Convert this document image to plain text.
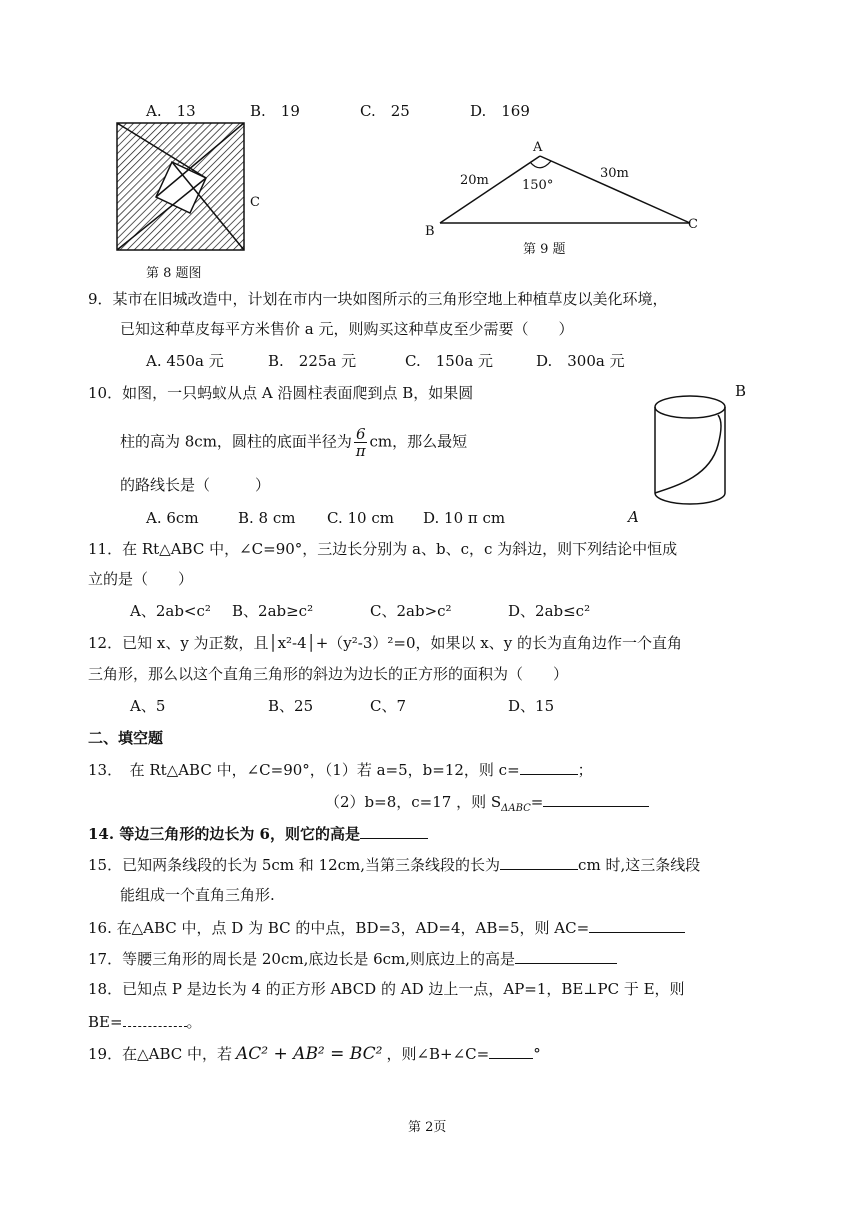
A.　13	B.　19	C.　25	D.　169
C
第 8 题图
A
B	C
20m	30m
150°
第 9 题
9．某市在旧城改造中，计划在市内一块如图所示的三角形空地上种植草皮以美化环境，
已知这种草皮每平方米售价 a 元，则购买这种草皮至少需要（　　）
A. 450a 元	B.　225a 元	C.　150a 元	D.　300a 元
10．如图，一只蚂蚁从点 A 沿圆柱表面爬到点 B，如果圆
柱的高为 8cm，圆柱的底面半径为 $\frac{6}{\pi}$ cm，那么最短
的路线长是（　　　）
A. 6cm	B. 8 cm C. 10 cm D. 10 π cm
B
A
11．在 Rt△ABC 中，∠C=90°，三边长分别为 a、b、c，c 为斜边，则下列结论中恒成
立的是（　　）
A、2ab<c² B、2ab≥c²	C、2ab>c²	D、2ab≤c²
12．已知 x、y 为正数，且│x²-4│+（y²-3）²=0，如果以 x、y 的长为直角边作一个直角
三角形，那么以这个直角三角形的斜边为边长的正方形的面积为（　　）
A、5	B、25	C、7	D、15
二、填空题
13．　在 Rt△ABC 中，∠C=90°，（1）若 a=5，b=12，则 c=	；
（2）b=8，c=17 ，则 $S_{\Delta ABC}=$
14. 等边三角形的边长为 6，则它的高是
15．已知两条线段的长为 5cm 和 12cm,当第三条线段的长为	cm 时,这三条线段
能组成一个直角三角形.
16. 在△ABC 中，点 D 为 BC 的中点，BD=3，AD=4，AB=5，则 AC=
17．等腰三角形的周长是 20cm,底边长是 6cm,则底边上的高是
18．已知点 P 是边长为 4 的正方形 ABCD 的 AD 边上一点，AP=1，BE⊥PC 于 E，则
BE=	。
19．在△ABC 中，若 AC² + AB² = BC² ，则∠B+∠C=	°
第 2页
